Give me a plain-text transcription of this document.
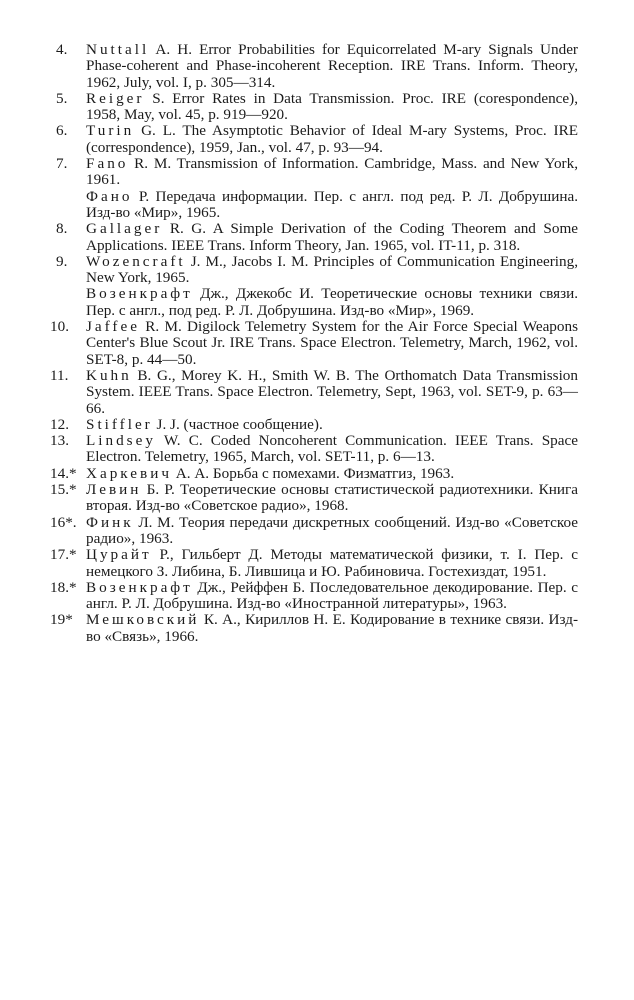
4. Nuttall A. H. Error Probabilities for Equicorrelated M-ary Signals Under Phase-coherent and Phase-incoherent Reception. IRE Trans. Inform. Theory, 1962, July, vol. I, p. 305—314.
5. Reiger S. Error Rates in Data Transmission. Proc. IRE (corespondence), 1958, May, vol. 45, p. 919—920.
6. Turin G. L. The Asymptotic Behavior of Ideal M-ary Systems, Proc. IRE (correspondence), 1959, Jan., vol. 47, p. 93—94.
7. Fano R. M. Transmission of Information. Cambridge, Mass. and New York, 1961.
Фано Р. Передача информации. Пер. с англ. под ред. Р. Л. Добрушина. Изд-во «Мир», 1965.
8. Gallager R. G. A Simple Derivation of the Coding Theorem and Some Applications. IEEE Trans. Inform Theory, Jan. 1965, vol. IT-11, p. 318.
9. Wozencraft J. M., Jacobs I. M. Principles of Communication Engineering, New York, 1965.
Возенкрафт Дж., Джекобс И. Теоретические основы техники связи. Пер. с англ., под ред. Р. Л. Добрушина. Изд-во «Мир», 1969.
10. Jaffee R. M. Digilock Telemetry System for the Air Force Special Weapons Center's Blue Scout Jr. IRE Trans. Space Electron. Telemetry, March, 1962, vol. SET-8, p. 44—50.
11. Kuhn B. G., Morey K. H., Smith W. B. The Orthomatch Data Transmission System. IEEE Trans. Space Electron. Telemetry, Sept, 1963, vol. SET-9, p. 63—66.
12. Stiffler J. J. (частное сообщение).
13. Lindsey W. C. Coded Noncoherent Communication. IEEE Trans. Space Electron. Telemetry, 1965, March, vol. SET-11, p. 6—13.
14.* Харкевич А. А. Борьба с помехами. Физматгиз, 1963.
15.* Левин Б. Р. Теоретические основы статистической радиотехники. Книга вторая. Изд-во «Советское радио», 1968.
16*. Финк Л. М. Теория передачи дискретных сообщений. Изд-во «Советское радио», 1963.
17.* Цурайт Р., Гильберт Д. Методы математической физики, т. I. Пер. с немецкого З. Либина, Б. Лившица и Ю. Рабиновича. Гостехиздат, 1951.
18.* Возенкрафт Дж., Рейффен Б. Последовательное декодирование. Пер. с англ. Р. Л. Добрушина. Изд-во «Иностранной литературы», 1963.
19* Мешковский К. А., Кириллов Н. Е. Кодирование в технике связи. Изд-во «Связь», 1966.
